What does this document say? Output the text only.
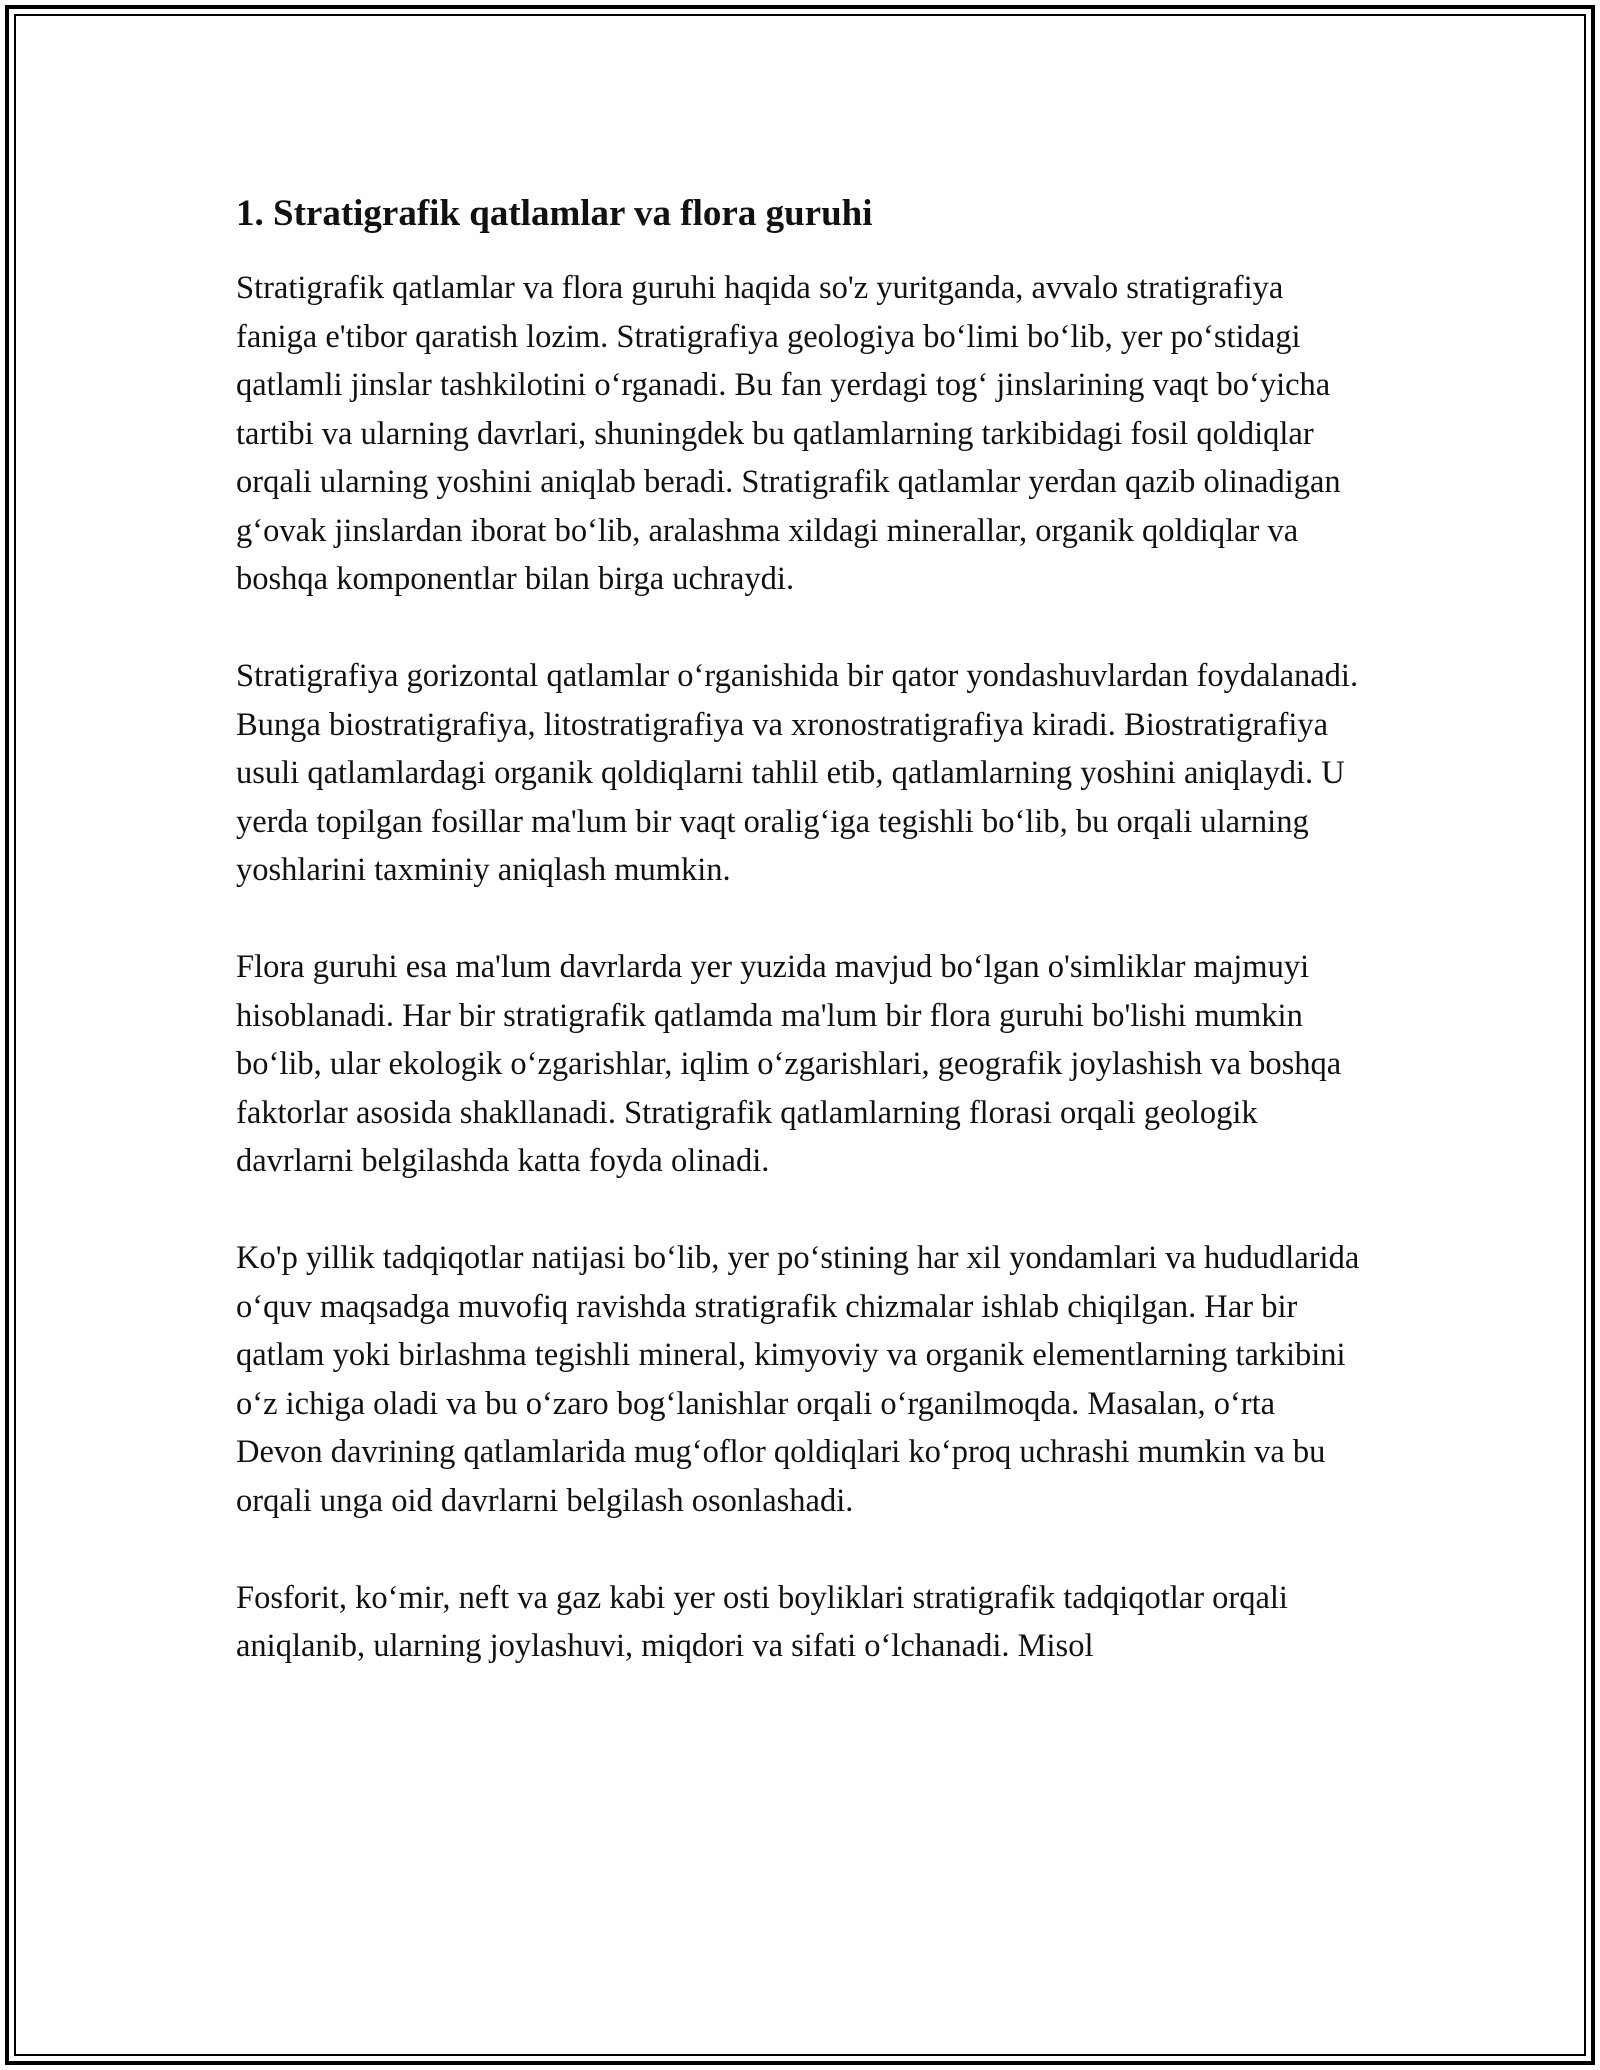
1. Stratigrafik qatlamlar va flora guruhi

Stratigrafik qatlamlar va flora guruhi haqida so'z yuritganda, avvalo stratigrafiya faniga e'tibor qaratish lozim. Stratigrafiya geologiya bo‘limi bo‘lib, yer po‘stidagi qatlamli jinslar tashkilotini o‘rganadi. Bu fan yerdagi tog‘ jinslarining vaqt bo‘yicha tartibi va ularning davrlari, shuningdek bu qatlamlarning tarkibidagi fosil qoldiqlar orqali ularning yoshini aniqlab beradi. Stratigrafik qatlamlar yerdan qazib olinadigan g‘ovak jinslardan iborat bo‘lib, aralashma xildagi minerallar, organik qoldiqlar va boshqa komponentlar bilan birga uchraydi.

Stratigrafiya gorizontal qatlamlar o‘rganishida bir qator yondashuvlardan foydalanadi. Bunga biostratigrafiya, litostratigrafiya va xronostratigrafiya kiradi. Biostratigrafiya usuli qatlamlardagi organik qoldiqlarni tahlil etib, qatlamlarning yoshini aniqlaydi. U yerda topilgan fosillar ma'lum bir vaqt oralig‘iga tegishli bo‘lib, bu orqali ularning yoshlarini taxminiy aniqlash mumkin.

Flora guruhi esa ma'lum davrlarda yer yuzida mavjud bo‘lgan o'simliklar majmuyi hisoblanadi. Har bir stratigrafik qatlamda ma'lum bir flora guruhi bo'lishi mumkin bo‘lib, ular ekologik o‘zgarishlar, iqlim o‘zgarishlari, geografik joylashish va boshqa faktorlar asosida shakllanadi. Stratigrafik qatlamlarning florasi orqali geologik davrlarni belgilashda katta foyda olinadi.

Ko'p yillik tadqiqotlar natijasi bo‘lib, yer po‘stining har xil yondamlari va hududlarida o‘quv maqsadga muvofiq ravishda stratigrafik chizmalar ishlab chiqilgan. Har bir qatlam yoki birlashma tegishli mineral, kimyoviy va organik elementlarning tarkibini o‘z ichiga oladi va bu o‘zaro bog‘lanishlar orqali o‘rganilmoqda. Masalan, o‘rta Devon davrining qatlamlarida mug‘oflor qoldiqlari ko‘proq uchrashi mumkin va bu orqali unga oid davrlarni belgilash osonlashadi.

Fosforit, ko‘mir, neft va gaz kabi yer osti boyliklari stratigrafik tadqiqotlar orqali aniqlanib, ularning joylashuvi, miqdori va sifati o‘lchanadi. Misol
